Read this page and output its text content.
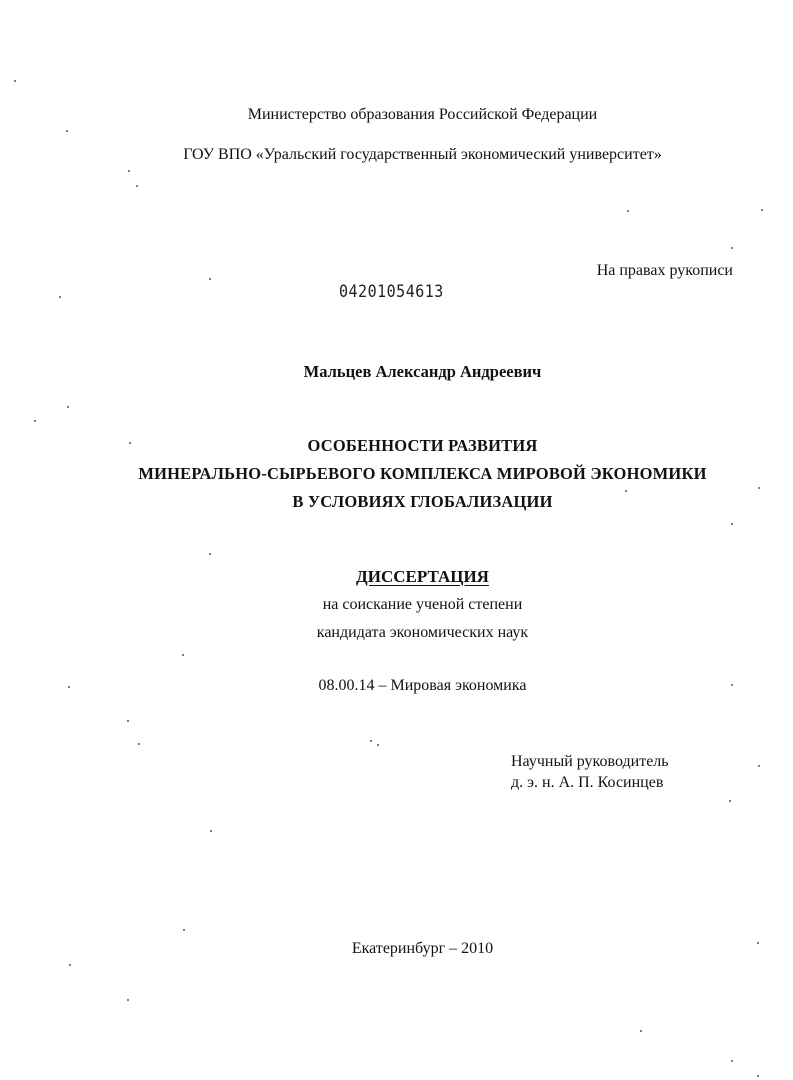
Министерство образования Российской Федерации
ГОУ ВПО «Уральский государственный экономический университет»
На правах рукописи
04201054613
Мальцев Александр Андреевич
ОСОБЕННОСТИ РАЗВИТИЯ
МИНЕРАЛЬНО-СЫРЬЕВОГО КОМПЛЕКСА МИРОВОЙ ЭКОНОМИКИ
В УСЛОВИЯХ ГЛОБАЛИЗАЦИИ
ДИССЕРТАЦИЯ
на соискание ученой степени
кандидата экономических наук
08.00.14 – Мировая экономика
Научный руководитель
д. э. н. А. П. Косинцев
Екатеринбург – 2010
